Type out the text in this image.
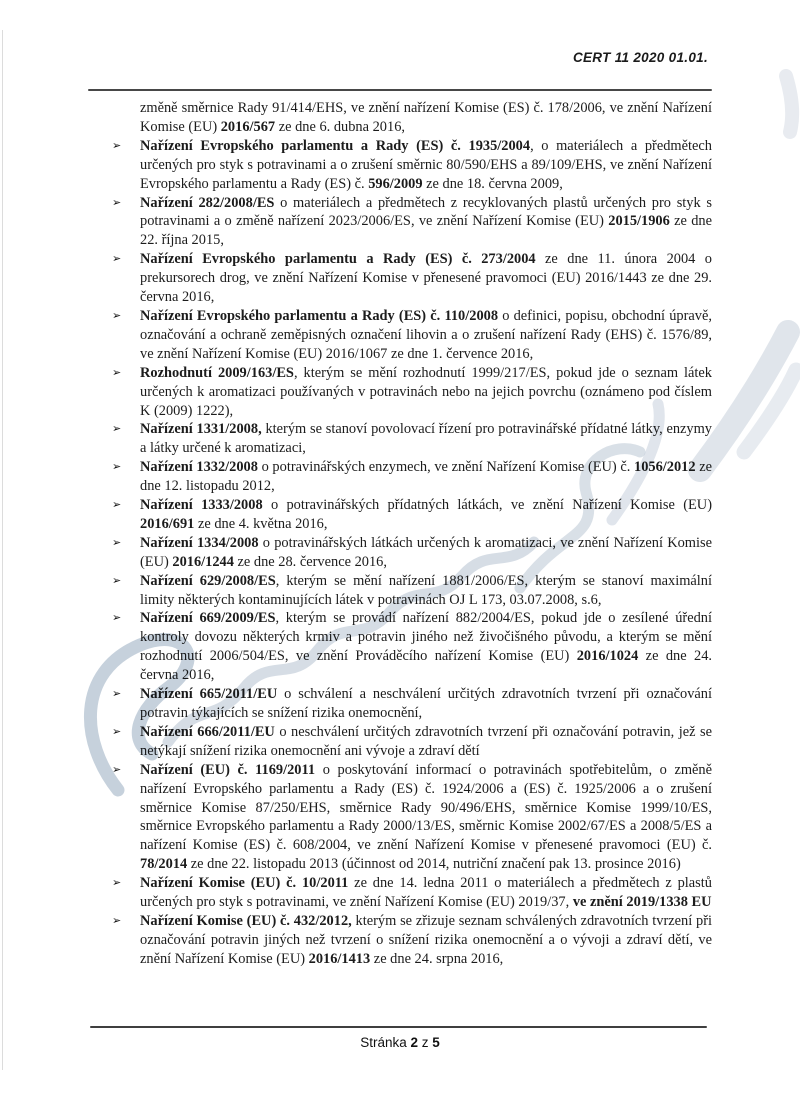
CERT 11 2020 01.01.

změně směrnice Rady 91/414/EHS, ve znění nařízení Komise (ES) č. 178/2006, ve znění Nařízení Komise (EU) 2016/567 ze dne 6. dubna 2016,

➢ Nařízení Evropského parlamentu a Rady (ES) č. 1935/2004, o materiálech a předmětech určených pro styk s potravinami a o zrušení směrnic 80/590/EHS a 89/109/EHS, ve znění Nařízení Evropského parlamentu a Rady (ES) č. 596/2009 ze dne 18. června 2009,

➢ Nařízení 282/2008/ES o materiálech a předmětech z recyklovaných plastů určených pro styk s potravinami a o změně nařízení 2023/2006/ES, ve znění Nařízení Komise (EU) 2015/1906 ze dne 22. října 2015,

➢ Nařízení Evropského parlamentu a Rady (ES) č. 273/2004 ze dne 11. února 2004 o prekursorech drog, ve znění Nařízení Komise v přenesené pravomoci (EU) 2016/1443 ze dne 29. června 2016,

➢ Nařízení Evropského parlamentu a Rady (ES) č. 110/2008 o definici, popisu, obchodní úpravě, označování a ochraně zeměpisných označení lihovin a o zrušení nařízení Rady (EHS) č. 1576/89, ve znění Nařízení Komise (EU) 2016/1067 ze dne 1. července 2016,

➢ Rozhodnutí 2009/163/ES, kterým se mění rozhodnutí 1999/217/ES, pokud jde o seznam látek určených k aromatizaci používaných v potravinách nebo na jejich povrchu (oznámeno pod číslem K (2009) 1222),

➢ Nařízení 1331/2008, kterým se stanoví povolovací řízení pro potravinářské přídatné látky, enzymy a látky určené k aromatizaci,

➢ Nařízení 1332/2008 o potravinářských enzymech, ve znění Nařízení Komise (EU) č. 1056/2012 ze dne 12. listopadu 2012,

➢ Nařízení 1333/2008 o potravinářských přídatných látkách, ve znění Nařízení Komise (EU) 2016/691 ze dne 4. května 2016,

➢ Nařízení 1334/2008 o potravinářských látkách určených k aromatizaci, ve znění Nařízení Komise (EU) 2016/1244 ze dne 28. července 2016,

➢ Nařízení 629/2008/ES, kterým se mění nařízení 1881/2006/ES, kterým se stanoví maximální limity některých kontaminujících látek v potravinách OJ L 173, 03.07.2008, s.6,

➢ Nařízení 669/2009/ES, kterým se provádí nařízení 882/2004/ES, pokud jde o zesílené úřední kontroly dovozu některých krmiv a potravin jiného než živočišného původu, a kterým se mění rozhodnutí 2006/504/ES, ve znění Prováděcího nařízení Komise (EU) 2016/1024 ze dne 24. června 2016,

➢ Nařízení 665/2011/EU o schválení a neschválení určitých zdravotních tvrzení při označování potravin týkajících se snížení rizika onemocnění,

➢ Nařízení 666/2011/EU o neschválení určitých zdravotních tvrzení při označování potravin, jež se netýkají snížení rizika onemocnění ani vývoje a zdraví dětí

➢ Nařízení (EU) č. 1169/2011 o poskytování informací o potravinách spotřebitelům, o změně nařízení Evropského parlamentu a Rady (ES) č. 1924/2006 a (ES) č. 1925/2006 a o zrušení směrnice Komise 87/250/EHS, směrnice Rady 90/496/EHS, směrnice Komise 1999/10/ES, směrnice Evropského parlamentu a Rady 2000/13/ES, směrnic Komise 2002/67/ES a 2008/5/ES a nařízení Komise (ES) č. 608/2004, ve znění Nařízení Komise v přenesené pravomoci (EU) č. 78/2014 ze dne 22. listopadu 2013 (účinnost od 2014, nutriční značení pak 13. prosince 2016)

➢ Nařízení Komise (EU) č. 10/2011 ze dne 14. ledna 2011 o materiálech a předmětech z plastů určených pro styk s potravinami, ve znění Nařízení Komise (EU) 2019/37, ve znění 2019/1338 EU

➢ Nařízení Komise (EU) č. 432/2012, kterým se zřizuje seznam schválených zdravotních tvrzení při označování potravin jiných než tvrzení o snížení rizika onemocnění a o vývoji a zdraví dětí, ve znění Nařízení Komise (EU) 2016/1413 ze dne 24. srpna 2016,

Stránka 2 z 5
